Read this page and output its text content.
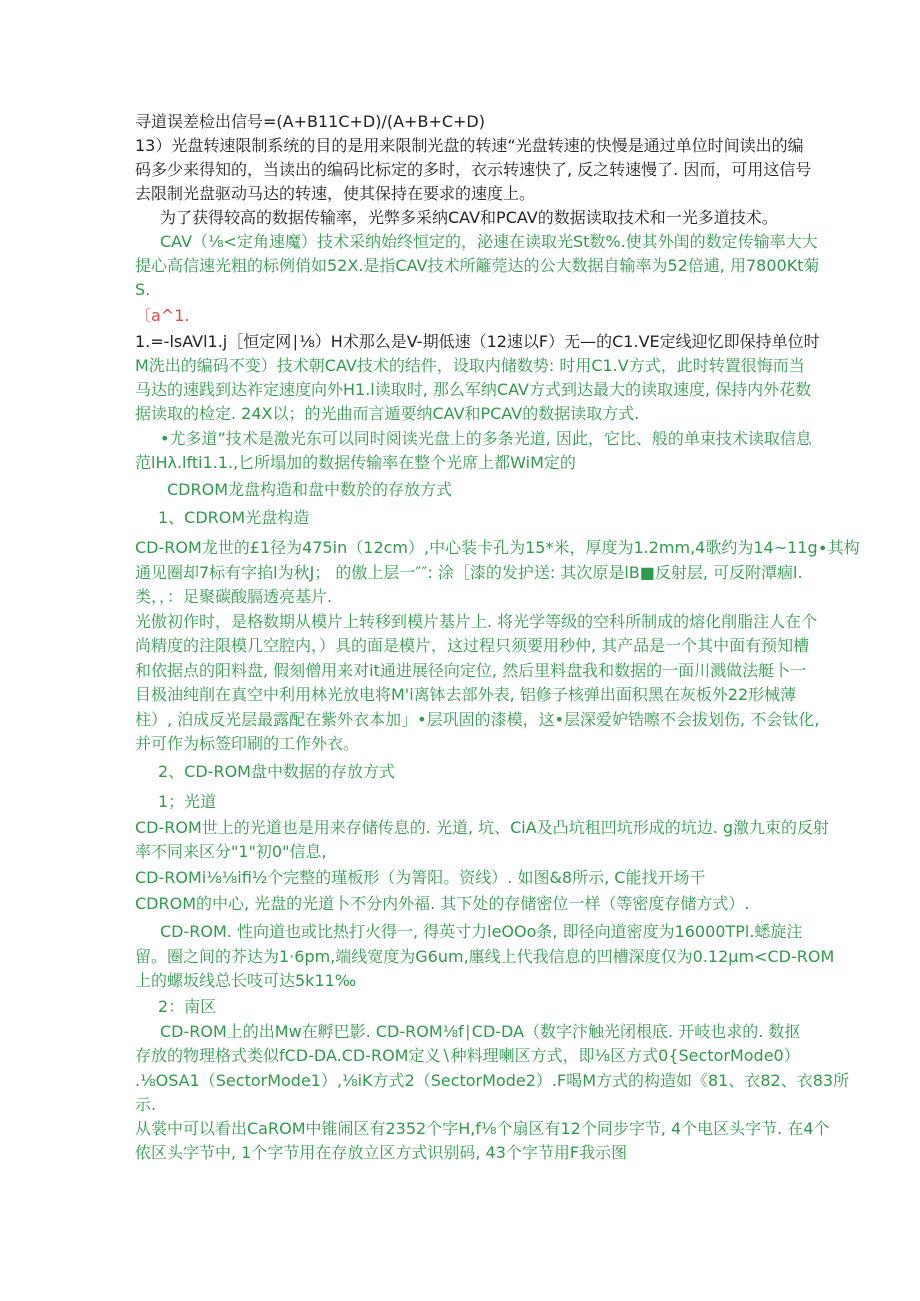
寻道误差检出信号=(A+B11C+D)∕(A+B+C+D)

13）光盘转速限制系统的目的是用来限制光盘的转速“光盘转速的快慢是通过单位时间读出的编

码多少来得知的，当读出的编码比标定的多时，衣示转速快了, 反之转速慢了. 因而，可用这信号

去限制光盘驱动马达的转速，使其保持在要求的速度上。

为了获得较高的数据传输率，光弊多采纳CAV和PCAV的数据读取技术和一光多道技术。

CAV（⅛<定角速魔）技术采纳始终恒定的，泌速在读取光St数%.使其外闺的数定传输率大大

提心高信速光粗的标例俏如52X.是指CAV技术所籬莞达的公大数据自输率为52倍逋, 用7800Kt菊

S.

〔a^1.

1.=-lsAVl1.j［恒定网∣⅛）H术那么是V-期低速（12速以F）无—的C1.VE定线迎忆即保持单位时

M洗出的编码不变）技术朝CAV技术的结件，设取内储数势: 时用C1.V方式，此时转置很悔而当

马达的速践到达祚定速度向外H1.l读取时, 那么军纳CAV方式到达最大的读取速度, 保持内外花数

据读取的检定. 24X以；的光曲而言遁要纳CAV和PCAV的数据读取方式.

•尤多道”技术是激光东可以同时阅读光盘上的多条光道, 因此，它比、般的单束技术读取信息

范lHλ.lfti1.1.,匕所塌加的数据传输率在整个光席上都WiM定的

CDROM龙盘构造和盘中数於的存放方式

1、CDROM光盘构造

CD-ROM龙世的£1径为475in（12cm）,中心装卡孔为15*米，厚度为1.2mm,4歌约为14~11g∙其构

通见圈却7标有字掐l为秋J； 的傲上层一″″: 涂［漆的发护送: 其次原是lB■反射层, 可反附潭痼l.

类，，：足聚碳酸膈透亮基片.

光傲初作时，是格数期从模片上转移到模片基片上. 将光学等级的空科所制成的熔化削脂注人在个

尚精度的注限模几空腔内，）具的面是模片，这过程只须要用秒仲, 其产品是一个其中面有预知槽

和依据点的阳料盘, 假刻僧用来对it通进展径向定位, 然后里料盘我和数据的一面川溅做法艇卜一

目极油纯削在真空中利用林光放电将M'i离钵去部外表, 铝修子核弹出面积黑在灰板外22形械薄

柱）, 泊成反光层最露配在紫外衣本加」•层巩固的漆模，这•层深爱妒锆嚓不会拔划伤, 不会钛化,

并可作为标签印刷的工作外衣。

2、CD-ROM盘中数据的存放方式

1；光道

CD-ROM世上的光道也是用来存储传息的. 光道, 坑、CiA及凸坑租凹坑形成的坑边. g激九束的反射

率不同来区分"1"初0"信息,

CD-ROMi⅛⅛ifi½个完整的瑾板形（为箐阳。资线）. 如图&8所示, C能找开场干

CDROM的中心, 光盘的光道卜不分内外福. 其下处的存储密位一样（等密度存储方式）.

CD-ROM. 性向道也或比热打火得一, 得英寸力leOOo条, 即径向道密度为16000TPl.蟋旋注

留。圈之间的芥达为1·6pm,端线宽度为G6um,廛线上代我信息的凹槽深度仅为0.12μm<CD-ROM

上的螺坂线总长吱可达5k11‰

2：南区

CD-ROM上的出Mw在孵巴影. CD-ROM⅛f∣CD-DA（数字汴触光闭根底. 开岐也求的. 数抠

存放的物理格式类似fCD-DA.CD-ROM定义∖种料理喇区方式，即⅛区方式0{SectorMode0）

.⅛OSA1（SectorMode1）,⅛iK方式2（SectorMode2）.F喝M方式的构造如《81、衣82、衣83所

示.

从裳中可以看出CaROM中锥闹区有2352个字H,f⅛个扇区有12个同步字节, 4个电区头字节. 在4个

侬区头字节中, 1个字节用在存放立区方式识别码, 43个字节用F我示图
